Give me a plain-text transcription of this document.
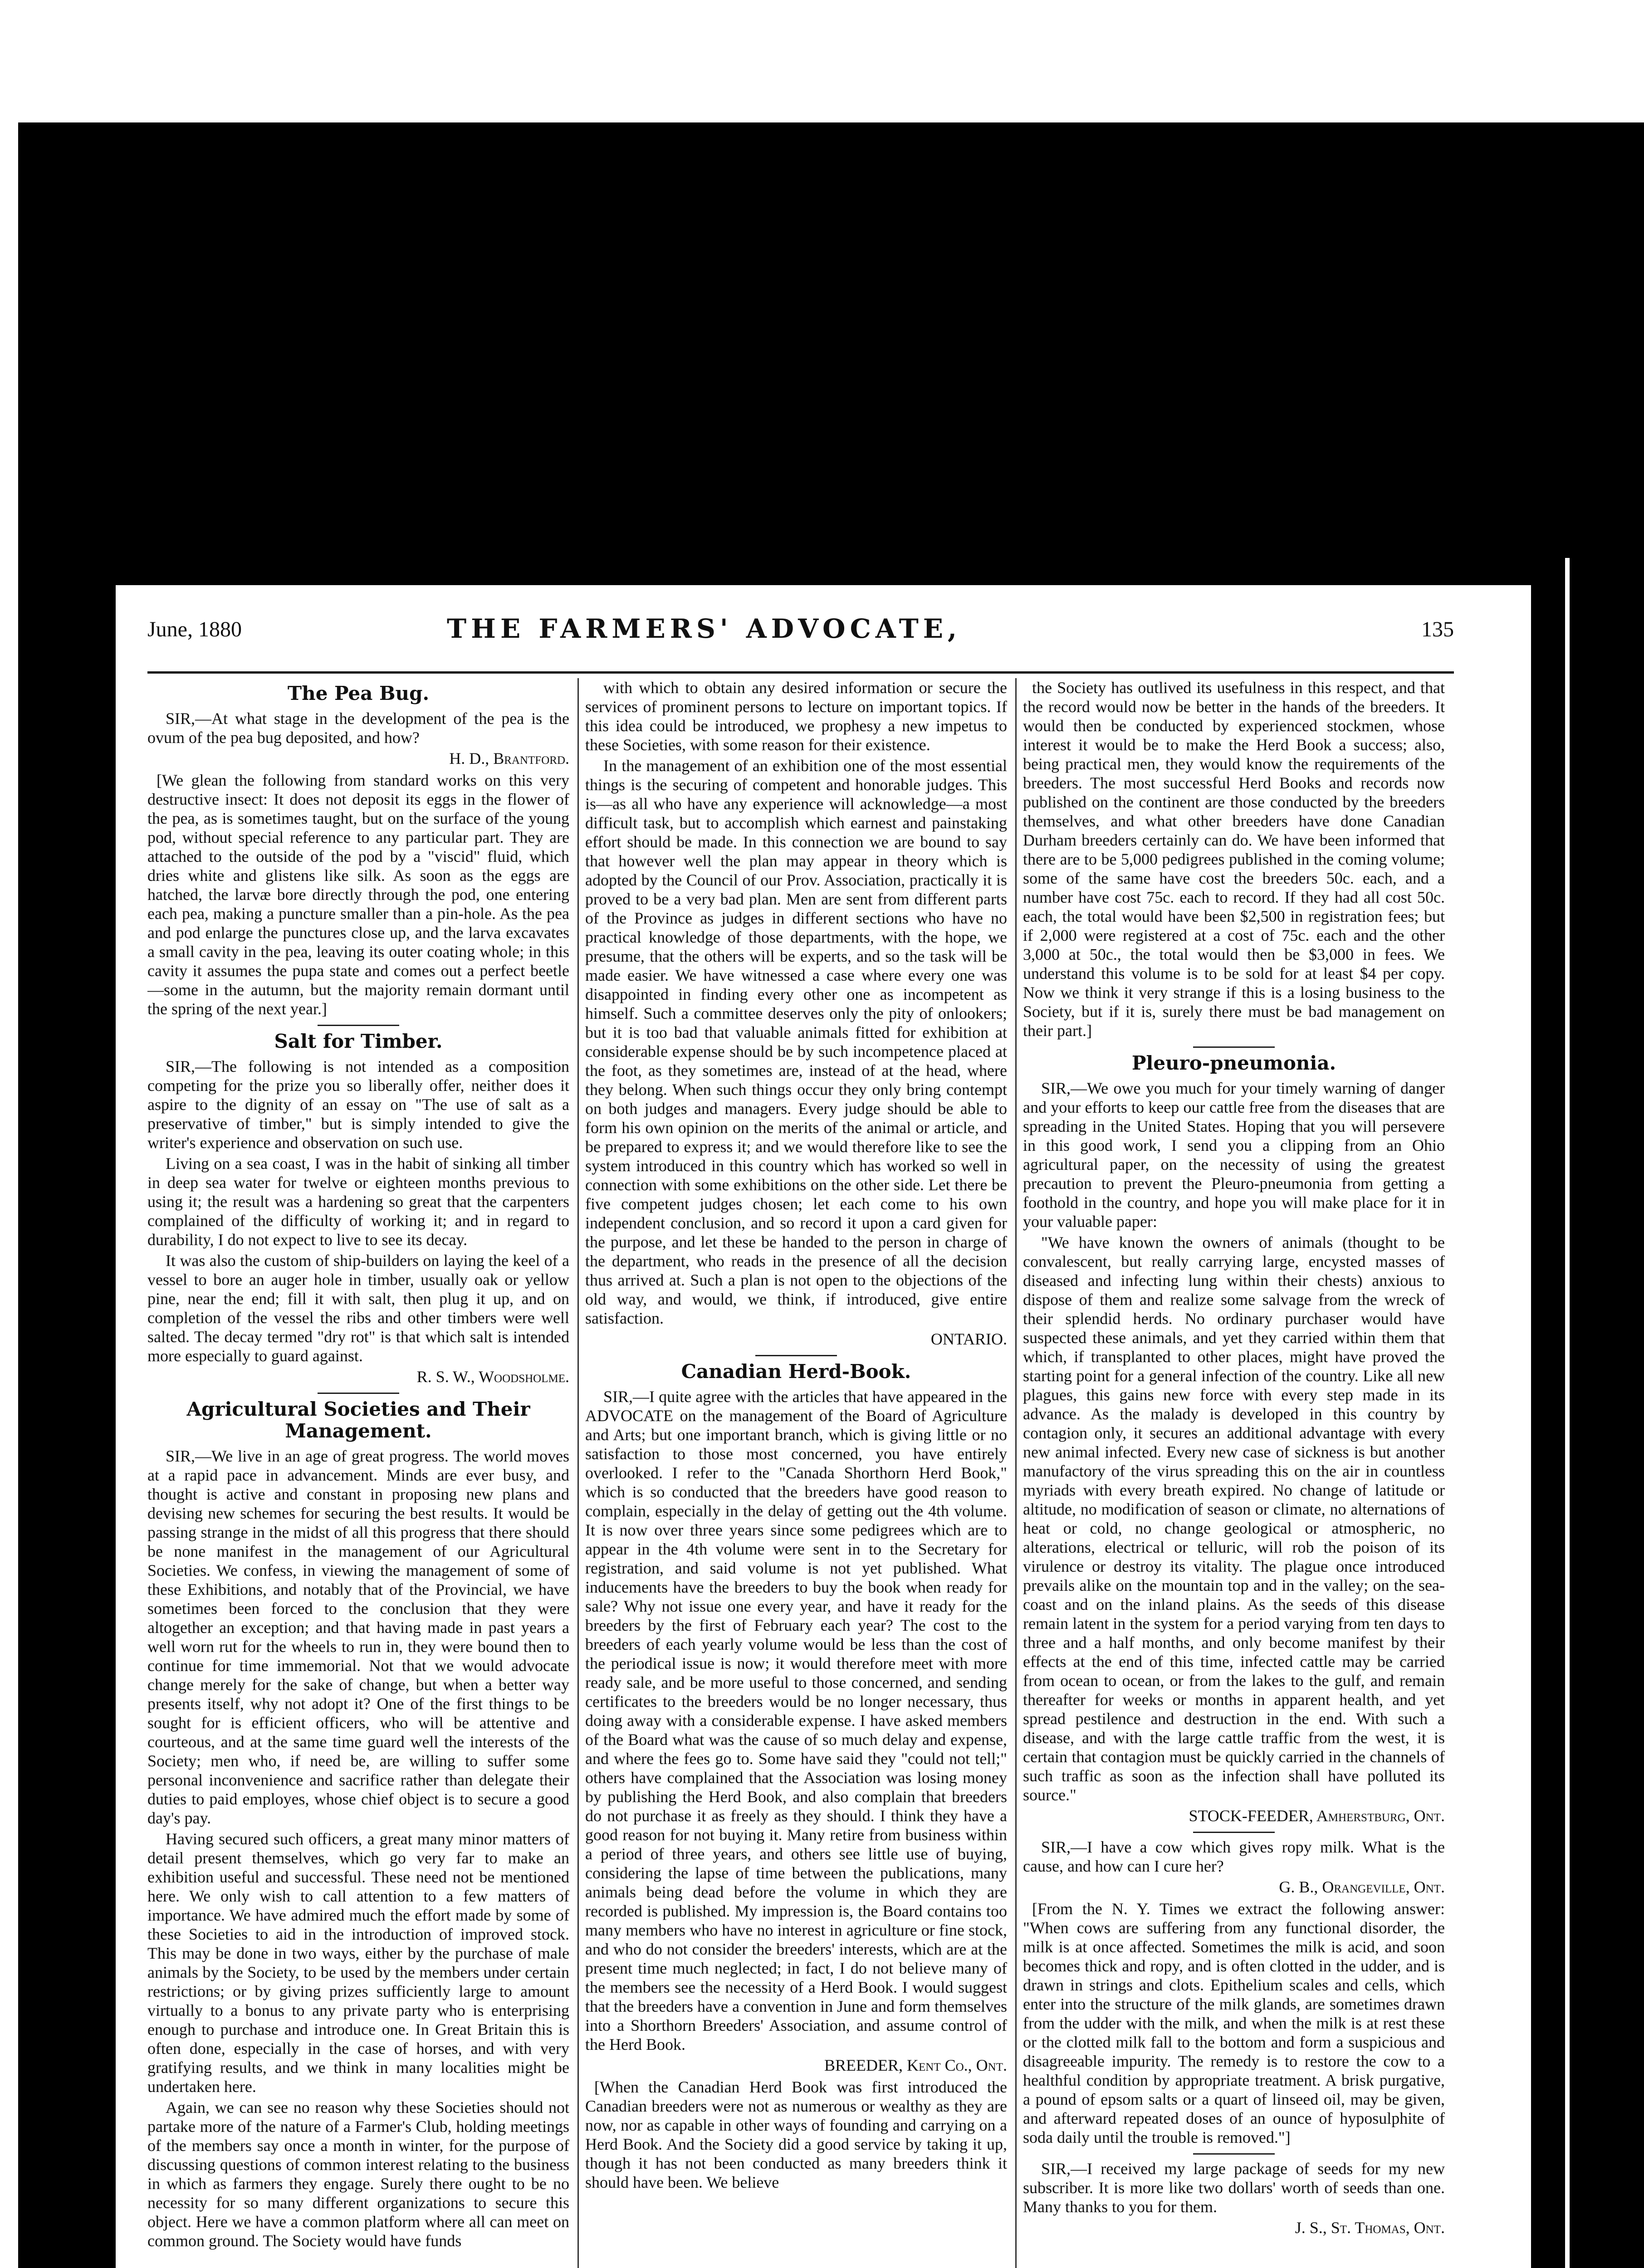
June, 1880	THE FARMERS' ADVOCATE,	135
The Pea Bug.

SIR,—At what stage in the development of the pea is the ovum of the pea bug deposited, and how?

H. D., Brantford.

[We glean the following from standard works on this very destructive insect: It does not deposit its eggs in the flower of the pea, as is sometimes taught, but on the surface of the young pod, without special reference to any particular part. They are attached to the outside of the pod by a "viscid" fluid, which dries white and glistens like silk. As soon as the eggs are hatched, the larvæ bore directly through the pod, one entering each pea, making a puncture smaller than a pin-hole. As the pea and pod enlarge the punctures close up, and the larva excavates a small cavity in the pea, leaving its outer coating whole; in this cavity it assumes the pupa state and comes out a perfect beetle—some in the autumn, but the majority remain dormant until the spring of the next year.]

Salt for Timber.

SIR,—The following is not intended as a composition competing for the prize you so liberally offer, neither does it aspire to the dignity of an essay on "The use of salt as a preservative of timber," but is simply intended to give the writer's experience and observation on such use.

Living on a sea coast, I was in the habit of sinking all timber in deep sea water for twelve or eighteen months previous to using it; the result was a hardening so great that the carpenters complained of the difficulty of working it; and in regard to durability, I do not expect to live to see its decay.

It was also the custom of ship-builders on laying the keel of a vessel to bore an auger hole in timber, usually oak or yellow pine, near the end; fill it with salt, then plug it up, and on completion of the vessel the ribs and other timbers were well salted. The decay termed "dry rot" is that which salt is intended more especially to guard against.

R. S. W., Woodsholme.
Agricultural Societies and Their Management.

SIR,—We live in an age of great progress. The world moves at a rapid pace in advancement. Minds are ever busy, and thought is active and constant in proposing new plans and devising new schemes for securing the best results. It would be passing strange in the midst of all this progress that there should be none manifest in the management of our Agricultural Societies. We confess, in viewing the management of some of these Exhibitions, and notably that of the Provincial, we have sometimes been forced to the conclusion that they were altogether an exception; and that having made in past years a well worn rut for the wheels to run in, they were bound then to continue for time immemorial. Not that we would advocate change merely for the sake of change, but when a better way presents itself, why not adopt it? One of the first things to be sought for is efficient officers, who will be attentive and courteous, and at the same time guard well the interests of the Society; men who, if need be, are willing to suffer some personal inconvenience and sacrifice rather than delegate their duties to paid employes, whose chief object is to secure a good day's pay.

Having secured such officers, a great many minor matters of detail present themselves, which go very far to make an exhibition useful and successful. These need not be mentioned here. We only wish to call attention to a few matters of importance. We have admired much the effort made by some of these Societies to aid in the introduction of improved stock. This may be done in two ways, either by the purchase of male animals by the Society, to be used by the members under certain restrictions; or by giving prizes sufficiently large to amount virtually to a bonus to any private party who is enterprising enough to purchase and introduce one. In Great Britain this is often done, especially in the case of horses, and with very gratifying results, and we think in many localities might be undertaken here.

Again, we can see no reason why these Societies should not partake more of the nature of a Farmer's Club, holding meetings of the members say once a month in winter, for the purpose of discussing questions of common interest relating to the business in which as farmers they engage. Surely there ought to be no necessity for so many different organizations to secure this object. Here we have a common platform where all can meet on common ground. The Society would have funds

with which to obtain any desired information or secure the services of prominent persons to lecture on important topics. If this idea could be introduced, we prophesy a new impetus to these Societies, with some reason for their existence.

In the management of an exhibition one of the most essential things is the securing of competent and honorable judges. This is—as all who have any experience will acknowledge—a most difficult task, but to accomplish which earnest and painstaking effort should be made. In this connection we are bound to say that however well the plan may appear in theory which is adopted by the Council of our Prov. Association, practically it is proved to be a very bad plan. Men are sent from different parts of the Province as judges in different sections who have no practical knowledge of those departments, with the hope, we presume, that the others will be experts, and so the task will be made easier. We have witnessed a case where every one was disappointed in finding every other one as incompetent as himself. Such a committee deserves only the pity of onlookers; but it is too bad that valuable animals fitted for exhibition at considerable expense should be by such incompetence placed at the foot, as they sometimes are, instead of at the head, where they belong. When such things occur they only bring contempt on both judges and managers. Every judge should be able to form his own opinion on the merits of the animal or article, and be prepared to express it; and we would therefore like to see the system introduced in this country which has worked so well in connection with some exhibitions on the other side. Let there be five competent judges chosen; let each come to his own independent conclusion, and so record it upon a card given for the purpose, and let these be handed to the person in charge of the department, who reads in the presence of all the decision thus arrived at. Such a plan is not open to the objections of the old way, and would, we think, if introduced, give entire satisfaction.

ONTARIO.
Canadian Herd-Book.

SIR,—I quite agree with the articles that have appeared in the ADVOCATE on the management of the Board of Agriculture and Arts; but one important branch, which is giving little or no satisfaction to those most concerned, you have entirely overlooked. I refer to the "Canada Shorthorn Herd Book," which is so conducted that the breeders have good reason to complain, especially in the delay of getting out the 4th volume. It is now over three years since some pedigrees which are to appear in the 4th volume were sent in to the Secretary for registration, and said volume is not yet published. What inducements have the breeders to buy the book when ready for sale? Why not issue one every year, and have it ready for the breeders by the first of February each year? The cost to the breeders of each yearly volume would be less than the cost of the periodical issue is now; it would therefore meet with more ready sale, and be more useful to those concerned, and sending certificates to the breeders would be no longer necessary, thus doing away with a considerable expense. I have asked members of the Board what was the cause of so much delay and expense, and where the fees go to. Some have said they "could not tell;" others have complained that the Association was losing money by publishing the Herd Book, and also complain that breeders do not purchase it as freely as they should. I think they have a good reason for not buying it. Many retire from business within a period of three years, and others see little use of buying, considering the lapse of time between the publications, many animals being dead before the volume in which they are recorded is published. My impression is, the Board contains too many members who have no interest in agriculture or fine stock, and who do not consider the breeders' interests, which are at the present time much neglected; in fact, I do not believe many of the members see the necessity of a Herd Book. I would suggest that the breeders have a convention in June and form themselves into a Shorthorn Breeders' Association, and assume control of the Herd Book.

BREEDER, Kent Co., Ont.

[When the Canadian Herd Book was first introduced the Canadian breeders were not as numerous or wealthy as they are now, nor as capable in other ways of founding and carrying on a Herd Book. And the Society did a good service by taking it up, though it has not been conducted as many breeders think it should have been. We believe

the Society has outlived its usefulness in this respect, and that the record would now be better in the hands of the breeders. It would then be conducted by experienced stockmen, whose interest it would be to make the Herd Book a success; also, being practical men, they would know the requirements of the breeders. The most successful Herd Books and records now published on the continent are those conducted by the breeders themselves, and what other breeders have done Canadian Durham breeders certainly can do. We have been informed that there are to be 5,000 pedigrees published in the coming volume; some of the same have cost the breeders 50c. each, and a number have cost 75c. each to record. If they had all cost 50c. each, the total would have been $2,500 in registration fees; but if 2,000 were registered at a cost of 75c. each and the other 3,000 at 50c., the total would then be $3,000 in fees. We understand this volume is to be sold for at least $4 per copy. Now we think it very strange if this is a losing business to the Society, but if it is, surely there must be bad management on their part.]

Pleuro-pneumonia.

SIR,—We owe you much for your timely warning of danger and your efforts to keep our cattle free from the diseases that are spreading in the United States. Hoping that you will persevere in this good work, I send you a clipping from an Ohio agricultural paper, on the necessity of using the greatest precaution to prevent the Pleuro-pneumonia from getting a foothold in the country, and hope you will make place for it in your valuable paper:

"We have known the owners of animals (thought to be convalescent, but really carrying large, encysted masses of diseased and infecting lung within their chests) anxious to dispose of them and realize some salvage from the wreck of their splendid herds. No ordinary purchaser would have suspected these animals, and yet they carried within them that which, if transplanted to other places, might have proved the starting point for a general infection of the country. Like all new plagues, this gains new force with every step made in its advance. As the malady is developed in this country by contagion only, it secures an additional advantage with every new animal infected. Every new case of sickness is but another manufactory of the virus spreading this on the air in countless myriads with every breath expired. No change of latitude or altitude, no modification of season or climate, no alternations of heat or cold, no change geological or atmospheric, no alterations, electrical or telluric, will rob the poison of its virulence or destroy its vitality. The plague once introduced prevails alike on the mountain top and in the valley; on the sea-coast and on the inland plains. As the seeds of this disease remain latent in the system for a period varying from ten days to three and a half months, and only become manifest by their effects at the end of this time, infected cattle may be carried from ocean to ocean, or from the lakes to the gulf, and remain thereafter for weeks or months in apparent health, and yet spread pestilence and destruction in the end. With such a disease, and with the large cattle traffic from the west, it is certain that contagion must be quickly carried in the channels of such traffic as soon as the infection shall have polluted its source."

STOCK-FEEDER, Amherstburg, Ont.

SIR,—I have a cow which gives ropy milk. What is the cause, and how can I cure her?

G. B., Orangeville, Ont.

[From the N. Y. Times we extract the following answer: "When cows are suffering from any functional disorder, the milk is at once affected. Sometimes the milk is acid, and soon becomes thick and ropy, and is often clotted in the udder, and is drawn in strings and clots. Epithelium scales and cells, which enter into the structure of the milk glands, are sometimes drawn from the udder with the milk, and when the milk is at rest these or the clotted milk fall to the bottom and form a suspicious and disagreeable impurity. The remedy is to restore the cow to a healthful condition by appropriate treatment. A brisk purgative, a pound of epsom salts or a quart of linseed oil, may be given, and afterward repeated doses of an ounce of hyposulphite of soda daily until the trouble is removed."]

SIR,—I received my large package of seeds for my new subscriber. It is more like two dollars' worth of seeds than one. Many thanks to you for them.

J. S., St. Thomas, Ont.
